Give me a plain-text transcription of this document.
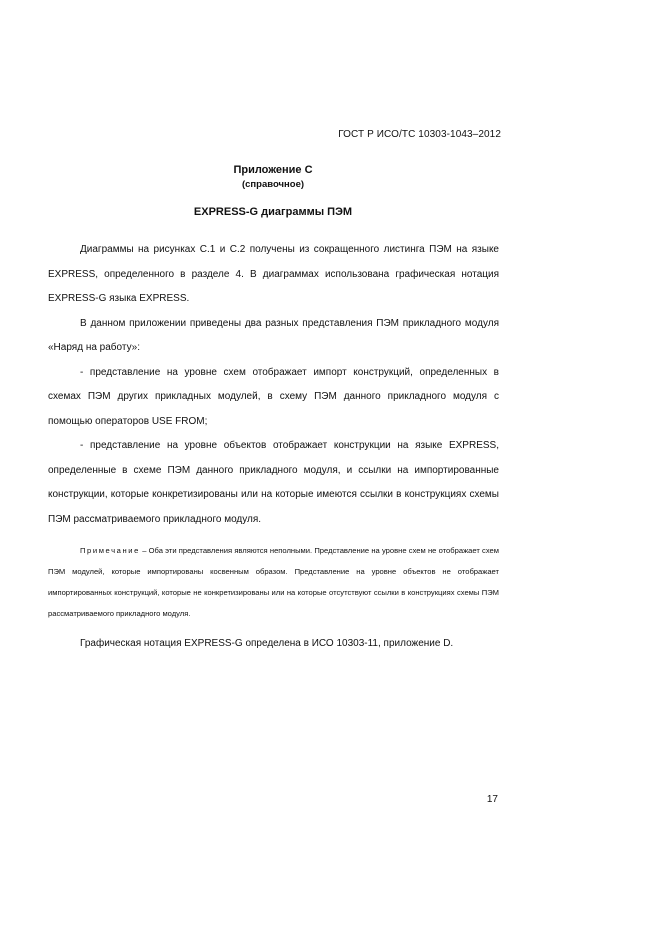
ГОСТ Р ИСО/ТС 10303-1043–2012
Приложение С
(справочное)
EXPRESS-G диаграммы ПЭМ

Диаграммы на рисунках С.1 и С.2 получены из сокращенного листинга ПЭМ на языке EXPRESS, определенного в разделе 4. В диаграммах использована графическая нотация EXPRESS-G языка EXPRESS.

В данном приложении приведены два разных представления ПЭМ прикладного модуля «Наряд на работу»:

- представление на уровне схем отображает импорт конструкций, определенных в схемах ПЭМ других прикладных модулей, в схему ПЭМ данного прикладного модуля с помощью операторов USE FROM;

- представление на уровне объектов отображает конструкции на языке EXPRESS, определенные в схеме ПЭМ данного прикладного модуля, и ссылки на импортированные конструкции, которые конкретизированы или на которые имеются ссылки в конструкциях схемы ПЭМ рассматриваемого прикладного модуля.

Примечание – Оба эти представления являются неполными. Представление на уровне схем не отображает схем ПЭМ модулей, которые импортированы косвенным образом. Представление на уровне объектов не отображает импортированных конструкций, которые не конкретизированы или на которые отсутствуют ссылки в конструкциях схемы ПЭМ рассматриваемого прикладного модуля.

Графическая нотация EXPRESS-G определена в ИСО 10303-11, приложение D.

17
